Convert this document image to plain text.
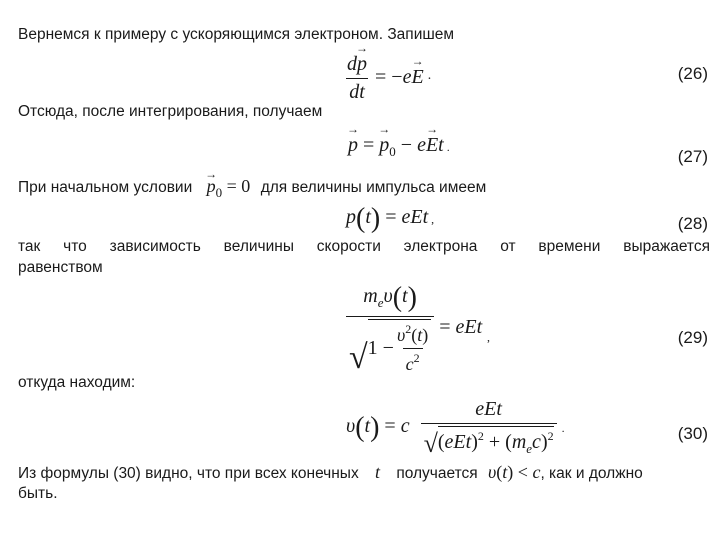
Вернемся к примеру с ускоряющимся электроном. Запишем
$\frac{d\to p}{dt} = -e\to E$ ·	(26)
Отсюда, после интегрирования, получаем
→ p = → $p_0 - e\to Et$ .	(27)
При начальном условии → $p_0 = 0$ для величины импульса имеем
p(t) = eEt ,	(28)
так что зависимость величины скорости электрона от времени выражается
равенством
$\frac{m_e\upsilon(t)}{√ 1 - \frac{\upsilon^2(t)}{c^2}}$ = eEt ,	(29)
откуда находим:
υ(t) = c $\frac{\text{eEt}}{√ (eEt)^2 + (m_ec)^2}$ .	(30)
Из формулы (30) видно, что при всех конечных t получается υ(t) < c, как и должно
быть.
